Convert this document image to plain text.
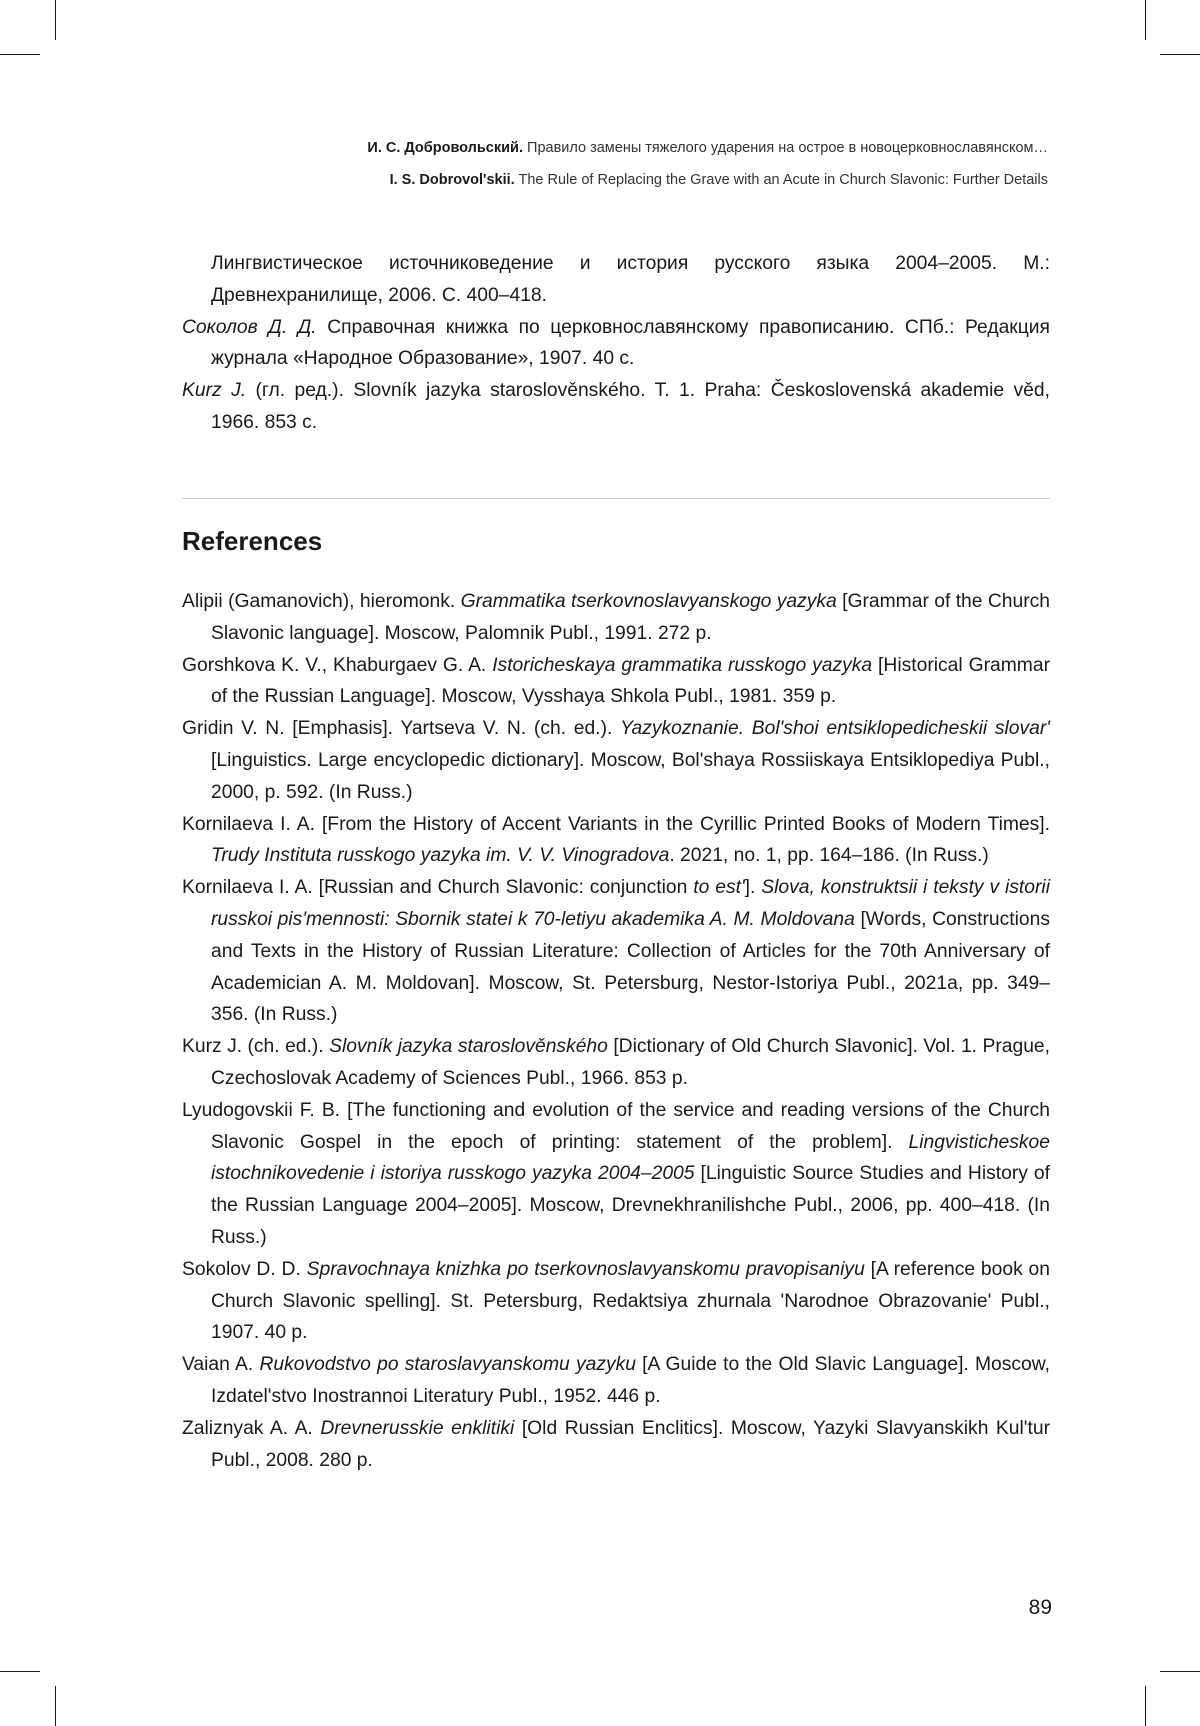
И. С. Добровольский. Правило замены тяжелого ударения на острое в новоцерковнославянском…
I. S. Dobrovol'skii. The Rule of Replacing the Grave with an Acute in Church Slavonic: Further Details

Лингвистическое источниковедение и история русского языка 2004–2005. М.: Древнехранилище, 2006. С. 400–418.

Соколов Д. Д. Справочная книжка по церковнославянскому правописанию. СПб.: Редакция журнала «Народное Образование», 1907. 40 с.

Kurz J. (гл. ред.). Slovník jazyka staroslověnského. T. 1. Praha: Československá akademie věd, 1966. 853 с.

References

Alipii (Gamanovich), hieromonk. Grammatika tserkovnoslavyanskogo yazyka [Grammar of the Church Slavonic language]. Moscow, Palomnik Publ., 1991. 272 p.

Gorshkova K. V., Khaburgaev G. A. Istoricheskaya grammatika russkogo yazyka [Historical Grammar of the Russian Language]. Moscow, Vysshaya Shkola Publ., 1981. 359 p.

Gridin V. N. [Emphasis]. Yartseva V. N. (ch. ed.). Yazykoznanie. Bol'shoi entsiklopedicheskii slovar' [Linguistics. Large encyclopedic dictionary]. Moscow, Bol'shaya Rossiiskaya Entsiklopediya Publ., 2000, p. 592. (In Russ.)

Kornilaeva I. A. [From the History of Accent Variants in the Cyrillic Printed Books of Modern Times]. Trudy Instituta russkogo yazyka im. V. V. Vinogradova. 2021, no. 1, pp. 164–186. (In Russ.)

Kornilaeva I. A. [Russian and Church Slavonic: conjunction to est']. Slova, konstruktsii i teksty v istorii russkoi pis'mennosti: Sbornik statei k 70-letiyu akademika A. M. Moldovana [Words, Constructions and Texts in the History of Russian Literature: Collection of Articles for the 70th Anniversary of Academician A. M. Moldovan]. Moscow, St. Petersburg, Nestor-Istoriya Publ., 2021a, pp. 349–356. (In Russ.)

Kurz J. (ch. ed.). Slovník jazyka staroslověnského [Dictionary of Old Church Slavonic]. Vol. 1. Prague, Czechoslovak Academy of Sciences Publ., 1966. 853 p.

Lyudogovskii F. B. [The functioning and evolution of the service and reading versions of the Church Slavonic Gospel in the epoch of printing: statement of the problem]. Lingvisticheskoe istochnikovedenie i istoriya russkogo yazyka 2004–2005 [Linguistic Source Studies and History of the Russian Language 2004–2005]. Moscow, Drevnekhranilishche Publ., 2006, pp. 400–418. (In Russ.)

Sokolov D. D. Spravochnaya knizhka po tserkovnoslavyanskomu pravopisaniyu [A reference book on Church Slavonic spelling]. St. Petersburg, Redaktsiya zhurnala 'Narodnoe Obrazovanie' Publ., 1907. 40 p.

Vaian A. Rukovodstvo po staroslavyanskomu yazyku [A Guide to the Old Slavic Language]. Moscow, Izdatel'stvo Inostrannoi Literatury Publ., 1952. 446 p.

Zaliznyak A. A. Drevnerusskie enklitiki [Old Russian Enclitics]. Moscow, Yazyki Slavyanskikh Kul'tur Publ., 2008. 280 p.

89
